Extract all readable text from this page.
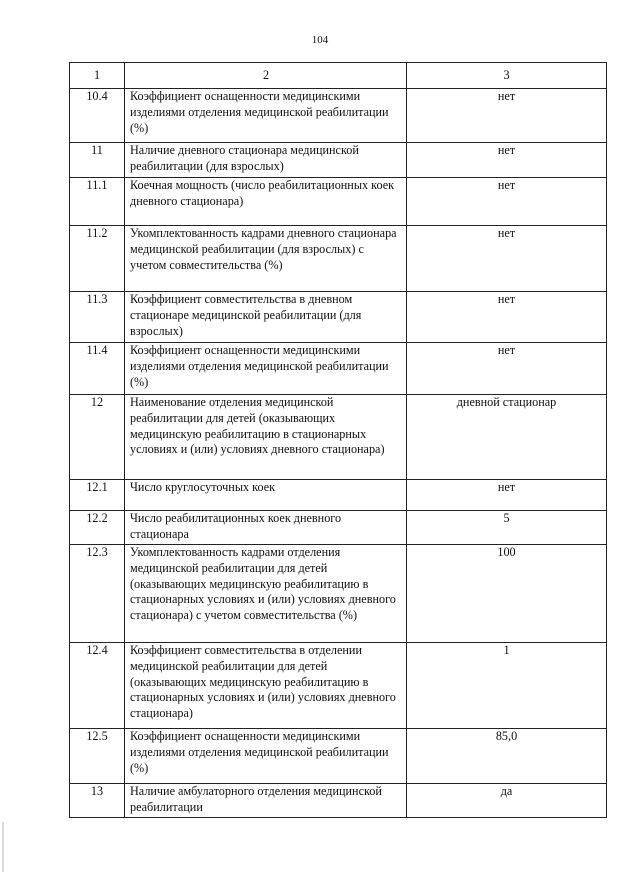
104
1	2	3
10.4	Коэффициент оснащенности медицинскими изделиями отделения медицинской реабилитации (%)	нет
11	Наличие дневного стационара медицинской реабилитации (для взрослых)	нет
11.1	Коечная мощность (число реабилитационных коек дневного стационара)	нет
11.2	Укомплектованность кадрами дневного стационара медицинской реабилитации (для взрослых) с учетом совместительства (%)	нет
11.3	Коэффициент совместительства в дневном стационаре медицинской реабилитации (для взрослых)	нет
11.4	Коэффициент оснащенности медицинскими изделиями отделения медицинской реабилитации (%)	нет
12	Наименование отделения медицинской реабилитации для детей (оказывающих медицинскую реабилитацию в стационарных условиях и (или) условиях дневного стационара)	дневной стационар
12.1	Число круглосуточных коек	нет
12.2	Число реабилитационных коек дневного стационара	5
12.3	Укомплектованность кадрами отделения медицинской реабилитации для детей (оказывающих медицинскую реабилитацию в стационарных условиях и (или) условиях дневного стационара) с учетом совместительства (%)	100
12.4	Коэффициент совместительства в отделении медицинской реабилитации для детей (оказывающих медицинскую реабилитацию в стационарных условиях и (или) условиях дневного стационара)	1
12.5	Коэффициент оснащенности медицинскими изделиями отделения медицинской реабилитации (%)	85,0
13	Наличие амбулаторного отделения медицинской реабилитации	да
